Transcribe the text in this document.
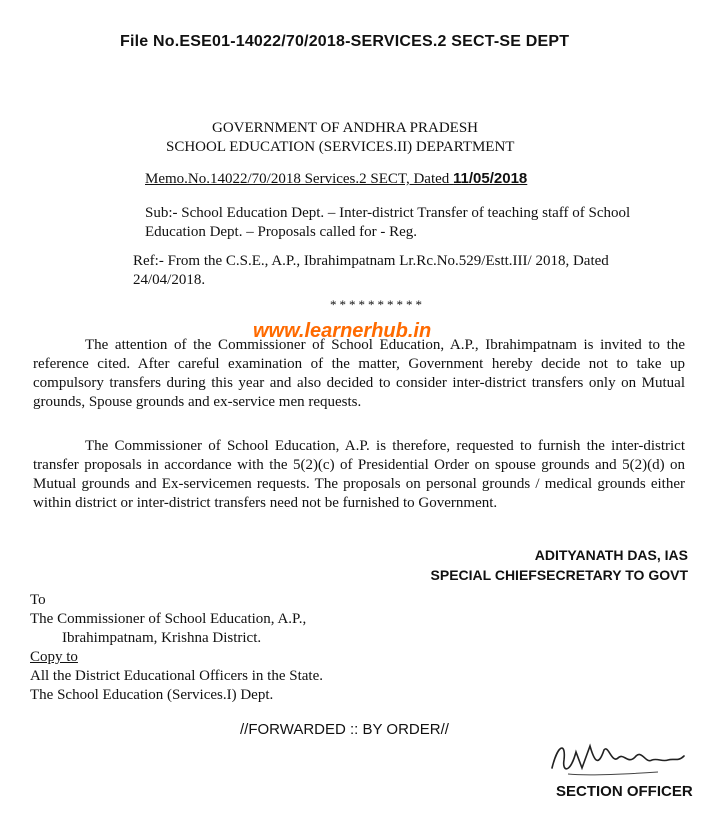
File No.ESE01-14022/70/2018-SERVICES.2 SECT-SE DEPT
GOVERNMENT OF ANDHRA PRADESH
SCHOOL EDUCATION (SERVICES.II) DEPARTMENT
Memo.No.14022/70/2018 Services.2 SECT, Dated 11/05/2018
Sub:- School Education Dept. – Inter-district Transfer of teaching staff of School Education Dept. – Proposals called for - Reg.
Ref:- From the C.S.E., A.P., Ibrahimpatnam Lr.Rc.No.529/Estt.III/ 2018, Dated 24/04/2018.
**********
The attention of the Commissioner of School Education, A.P., Ibrahimpatnam is invited to the reference cited. After careful examination of the matter, Government hereby decide not to take up compulsory transfers during this year and also decided to consider inter-district transfers only on Mutual grounds, Spouse grounds and ex-service men requests.
www.learnerhub.in
The Commissioner of School Education, A.P. is therefore, requested to furnish the inter-district transfer proposals in accordance with the 5(2)(c) of Presidential Order on spouse grounds and 5(2)(d) on Mutual grounds and Ex-servicemen requests. The proposals on personal grounds / medical grounds either within district or inter-district transfers need not be furnished to Government.
ADITYANATH DAS, IAS
SPECIAL CHIEFSECRETARY TO GOVT
To
The Commissioner of School Education, A.P.,
Ibrahimpatnam, Krishna District.
Copy to
All the District Educational Officers in the State.
The School Education (Services.I) Dept.
//FORWARDED :: BY ORDER//
SECTION OFFICER
